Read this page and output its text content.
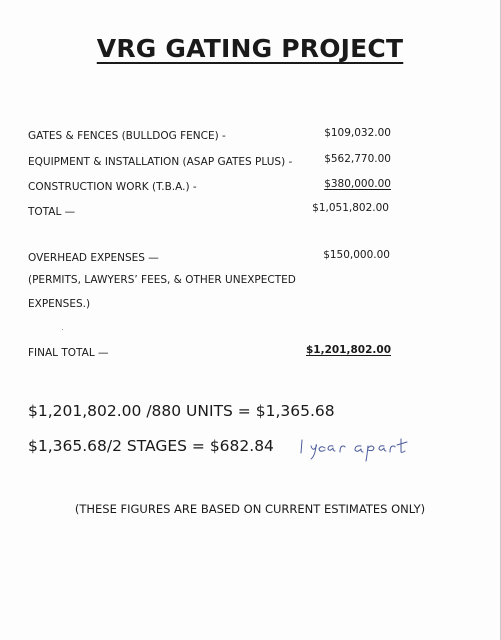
VRG GATING PROJECT
GATES & FENCES (BULLDOG FENCE) -	$109,032.00
EQUIPMENT & INSTALLATION (ASAP GATES PLUS) -	$562,770.00
CONSTRUCTION WORK (T.B.A.) -	$380,000.00
TOTAL —	$1,051,802.00
OVERHEAD EXPENSES —	$150,000.00
(PERMITS, LAWYERS’ FEES, & OTHER UNEXPECTED
EXPENSES.)
FINAL TOTAL —	$1,201,802.00
$1,201,802.00 /880 UNITS = $1,365.68
$1,365.68/2 STAGES = $682.84
(THESE FIGURES ARE BASED ON CURRENT ESTIMATES ONLY)
